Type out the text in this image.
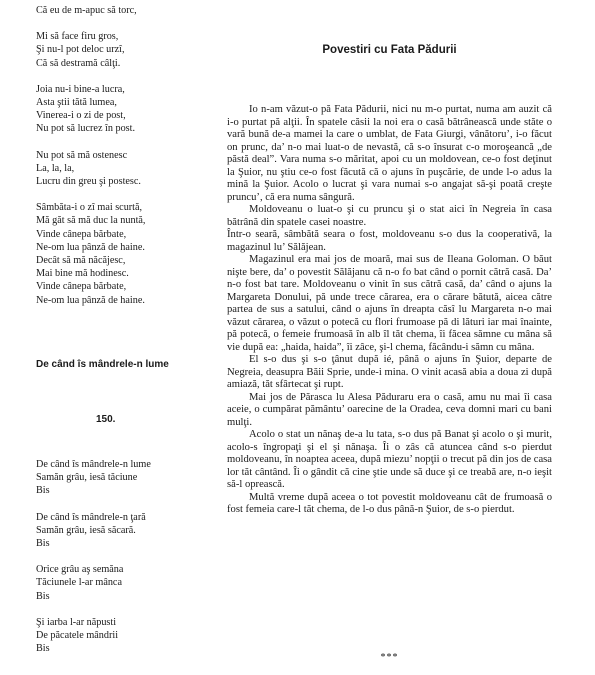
Că eu de m-apuc să torc,
Mi să face firu gros,
Şi nu-l pot deloc urzî,
Că să destramă câlţi.
Joia nu-i bine-a lucra,
Asta ştii tătă lumea,
Vinerea-i o zi de post,
Nu pot să lucrez în post.
Nu pot să mă ostenesc
La, la, la,
Lucru din greu şi postesc.
Sâmbăta-i o zî mai scurtă,
Mă găt să mă duc la nuntă,
Vinde cânepa bărbate,
Ne-om lua pânză de haine.
Decât să mă năcăjesc,
Mai bine mă hodinesc.
Vinde cânepa bărbate,
Ne-om lua pânză de haine.
De când îs mândrele-n lume
150.
De când îs mândrele-n lume
Samăn grâu, iesă tăciune
Bis
De când îs mândrele-n ţară
Samăn grâu, iesă săcară.
Bis
Orice grâu aş semăna
Tăciunele l-ar mânca
Bis
Şi iarba l-ar năpusti
De păcatele mândrii
Bis
Povestiri cu Fata Pădurii

Io n-am văzut-o pă Fata Pădurii, nici nu m-o purtat, numa am auzit că i-o purtat pă alţii. În spatele căsii la noi era o casă bătrânească unde stăte o vară bună de-a mamei la care o umblat, de Fata Giurgi, vânătoru’, i-o făcut on prunc, da’ n-o mai luat-o de nevastă, că s-o însurat c-o moroşeancă „de păstă deal”. Vara numa s-o măritat, apoi cu un moldovean, ce-o fost deţinut la Şuior, nu ştiu ce-o fost făcută că o ajuns în puşcărie, de unde l-o adus la mină la Şuior. Acolo o lucrat şi vara numai s-o angajat să-şi poată creşte pruncu’, că era numa sângură.

Moldoveanu o luat-o şi cu pruncu şi o stat aici în Negreia în casa bătrână din spatele casei noastre.

Într-o seară, sâmbătă seara o fost, moldoveanu s-o dus la cooperativă, la magazinul lu’ Sălăjean.

Magazinul era mai jos de moară, mai sus de Ileana Goloman. O băut nişte bere, da’ o povestit Sălăjanu că n-o fo bat când o pornit cătră casă. Da’ n-o fost bat tare. Moldoveanu o vinit în sus cătră casă, da’ când o ajuns la Margareta Donului, pă unde trece cărarea, era o cărare bătută, aicea către partea de sus a satului, când o ajuns în dreapta căsî lu Margareta n-o mai văzut cărarea, o văzut o potecă cu flori frumoase pă di lături iar mai înainte, pă potecă, o femeie frumoasă în alb îl tăt chema, îi făcea sămne cu mâna să vie după ea: „haida, haida”, îi zâce, şi-l chema, făcându-i sămn cu mâna.

El s-o dus şi s-o ţânut după ié, până o ajuns în Şuior, departe de Negreia, deasupra Băii Sprie, unde-i mina. O vinit acasă abia a doua zi după amiază, tăt sfârtecat şi rupt.

Mai jos de Părasca lu Alesa Păduraru era o casă, amu nu mai îi casa aceie, o cumpărat pământu’ oarecine de la Oradea, ceva domni mari cu bani mulţi.

Acolo o stat un nănaş de-a lu tata, s-o dus pă Banat şi acolo o şi murit, acolo-s îngropaţi şi el şi nănaşa. Îi o zâs că atuncea când s-o pierdut moldoveanu, în noaptea aceea, după miezu’ nopţii o trecut pă din jos de casa lor tăt cântând. Îi o gândit că cine ştie unde să duce şi ce treabă are, n-o ieşit să-l oprească.

Multă vreme după aceea o tot povestit moldoveanu cât de frumoasă o fost femeia care-l tăt chema, de l-o dus până-n Şuior, de s-o pierdut.

***
